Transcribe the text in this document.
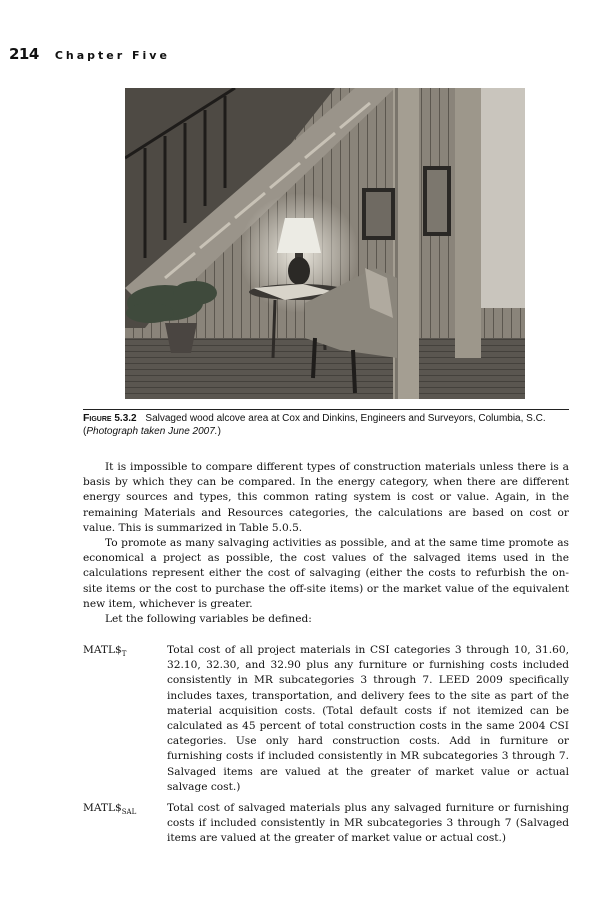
214 Chapter Five
Figure 5.3.2 Salvaged wood alcove area at Cox and Dinkins, Engineers and Surveyors, Columbia, S.C. (Photograph taken June 2007.)

It is impossible to compare different types of construction materials unless there is a basis by which they can be compared. In the energy category, when there are different energy sources and types, this common rating system is cost or value. Again, in the remaining Materials and Resources categories, the calculations are based on cost or value. This is summarized in Table 5.0.5.

To promote as many salvaging activities as possible, and at the same time promote as economical a project as possible, the cost values of the salvaged items used in the calculations represent either the cost of salvaging (either the costs to refurbish the on-site items or the cost to purchase the off-site items) or the market value of the equivalent new item, whichever is greater.

Let the following variables be defined:

$MATL\$_T$	Total cost of all project materials in CSI categories 3 through 10, 31.60, 32.10, 32.30, and 32.90 plus any furniture or furnishing costs included consistently in MR subcategories 3 through 7. LEED 2009 specifically includes taxes, transportation, and delivery fees to the site as part of the material acquisition costs. (Total default costs if not itemized can be calculated as 45 percent of total construction costs in the same 2004 CSI categories. Use only hard construction costs. Add in furniture or furnishing costs if included consistently in MR subcategories 3 through 7. Salvaged items are valued at the greater of market value or actual salvage cost.)
$MATL\$_{SAL}$	Total cost of salvaged materials plus any salvaged furniture or furnishing costs if included consistently in MR subcategories 3 through 7 (Salvaged items are valued at the greater of market value or actual cost.)
